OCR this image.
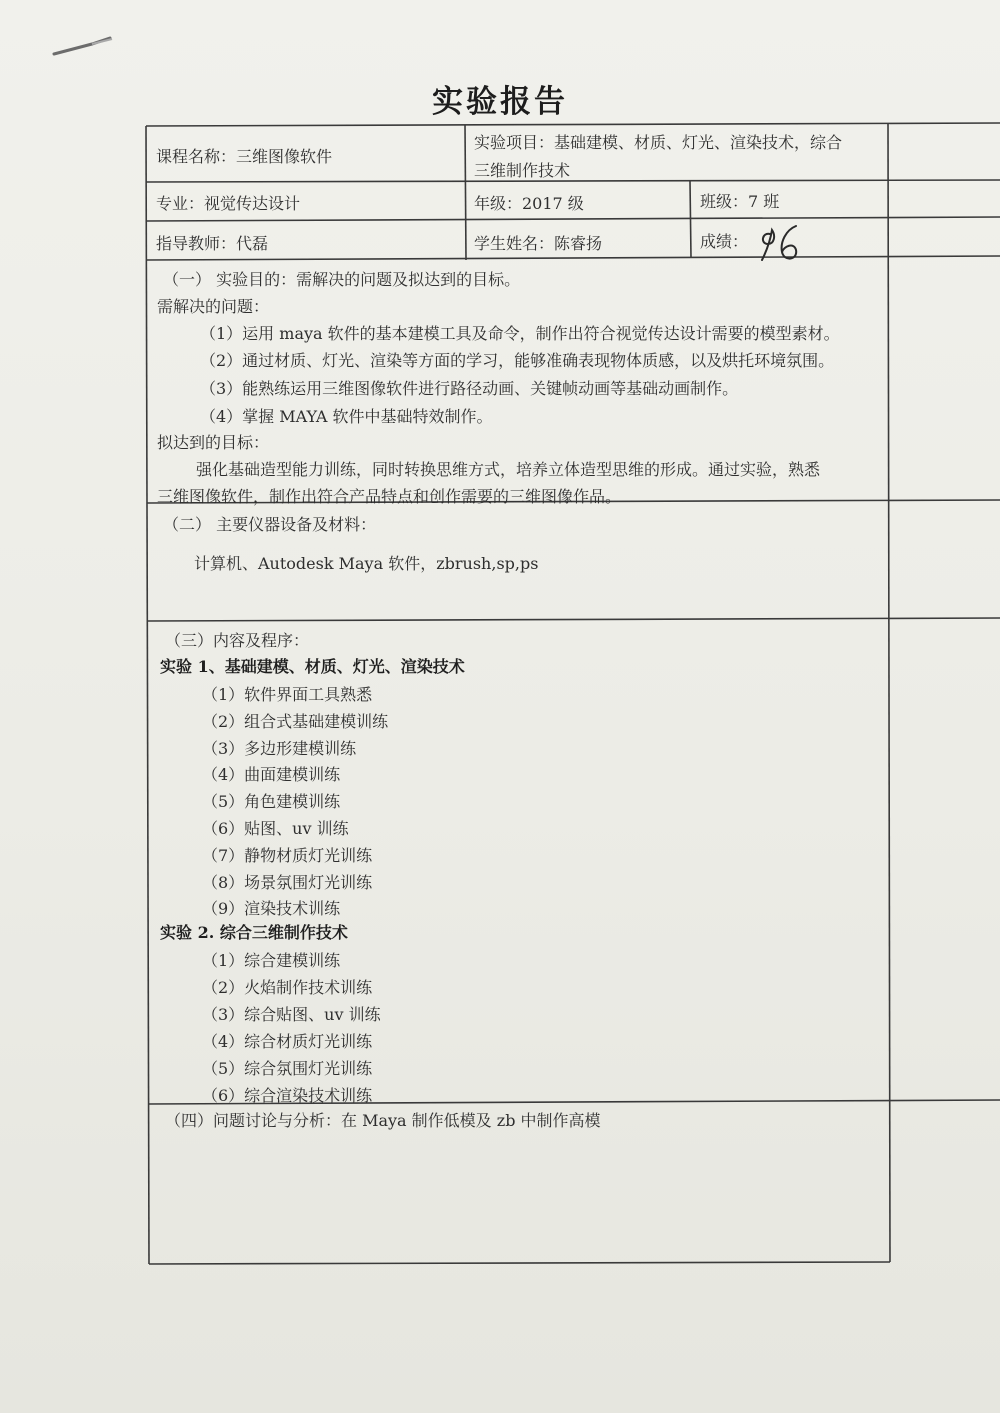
实验报告
课程名称：三维图像软件
实验项目：基础建模、材质、灯光、渲染技术，综合
三维制作技术
专业：视觉传达设计	年级：2017 级	班级：7 班
指导教师：代磊	学生姓名：陈睿扬	成绩：
（一） 实验目的：需解决的问题及拟达到的目标。
需解决的问题：
（1）运用 maya 软件的基本建模工具及命令，制作出符合视觉传达设计需要的模型素材。
（2）通过材质、灯光、渲染等方面的学习，能够准确表现物体质感，以及烘托环境氛围。
（3）能熟练运用三维图像软件进行路径动画、关键帧动画等基础动画制作。
（4）掌握 MAYA 软件中基础特效制作。
拟达到的目标：
强化基础造型能力训练，同时转换思维方式，培养立体造型思维的形成。通过实验，熟悉
三维图像软件，制作出符合产品特点和创作需要的三维图像作品。
（二） 主要仪器设备及材料：
计算机、Autodesk Maya 软件，zbrush,sp,ps
（三）内容及程序：
实验 1、基础建模、材质、灯光、渲染技术
（1）软件界面工具熟悉
（2）组合式基础建模训练
（3）多边形建模训练
（4）曲面建模训练
（5）角色建模训练
（6）贴图、uv 训练
（7）静物材质灯光训练
（8）场景氛围灯光训练
（9）渲染技术训练
实验 2. 综合三维制作技术
（1）综合建模训练
（2）火焰制作技术训练
（3）综合贴图、uv 训练
（4）综合材质灯光训练
（5）综合氛围灯光训练
（6）综合渲染技术训练
（四）问题讨论与分析：在 Maya 制作低模及 zb 中制作高模
